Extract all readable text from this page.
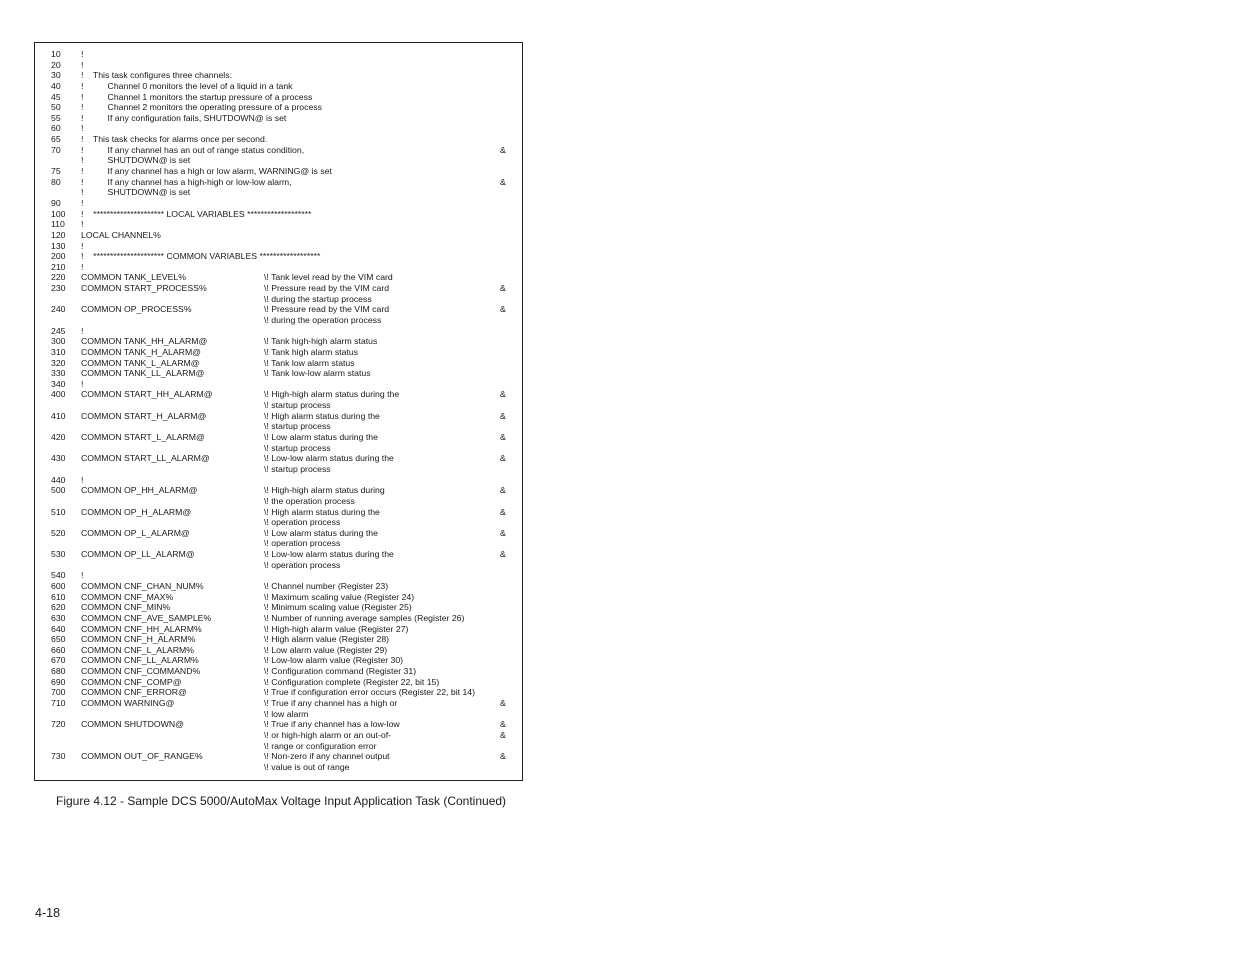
10 !
20 !
30 !    This task configures three channels:
40 !          Channel 0 monitors the level of a liquid in a tank
45 !          Channel 1 monitors the startup pressure of a process
50 !          Channel 2 monitors the operating pressure of a process
55 !          If any configuration fails, SHUTDOWN@ is set
60 !
65 !    This task checks for alarms once per second.
70 !          If any channel has an out of range status condition,	&
!          SHUTDOWN@ is set
75 !          If any channel has a high or low alarm, WARNING@ is set
80 !          If any channel has a high-high or low-low alarm,	&
!          SHUTDOWN@ is set
90 !
100 !    ********************* LOCAL VARIABLES *******************
110 !
120 LOCAL CHANNEL%
130 !
200 !    ********************* COMMON VARIABLES ******************
210 !
220 COMMON TANK_LEVEL%	\! Tank level read by the VIM card
230 COMMON START_PROCESS%	\! Pressure read by the VIM card	&
\! during the startup process
240 COMMON OP_PROCESS%	\! Pressure read by the VIM card	&
\! during the operation process
245 !
300 COMMON TANK_HH_ALARM@	\! Tank high-high alarm status
310 COMMON TANK_H_ALARM@	\! Tank high alarm status
320 COMMON TANK_L_ALARM@	\! Tank low alarm status
330 COMMON TANK_LL_ALARM@	\! Tank low-low alarm status
340 !
400 COMMON START_HH_ALARM@	\! High-high alarm status during the	&
\! startup process
410 COMMON START_H_ALARM@	\! High alarm status during the	&
\! startup process
420 COMMON START_L_ALARM@	\! Low alarm status during the	&
\! startup process
430 COMMON START_LL_ALARM@	\! Low-low alarm status during the	&
\! startup process
440 !
500 COMMON OP_HH_ALARM@	\! High-high alarm status during	&
\! the operation process
510 COMMON OP_H_ALARM@	\! High alarm status during the	&
\! operation process
520 COMMON OP_L_ALARM@	\! Low alarm status during the	&
\! operation process
530 COMMON OP_LL_ALARM@	\! Low-low alarm status during the	&
\! operation process
540 !
600 COMMON CNF_CHAN_NUM%	\! Channel number (Register 23)
610 COMMON CNF_MAX%	\! Maximum scaling value (Register 24)
620 COMMON CNF_MIN%	\! Minimum scaling value (Register 25)
630 COMMON CNF_AVE_SAMPLE%	\! Number of running average samples (Register 26)
640 COMMON CNF_HH_ALARM%	\! High-high alarm value (Register 27)
650 COMMON CNF_H_ALARM%	\! High alarm value (Register 28)
660 COMMON CNF_L_ALARM%	\! Low alarm value (Register 29)
670 COMMON CNF_LL_ALARM%	\! Low-low alarm value (Register 30)
680 COMMON CNF_COMMAND%	\! Configuration command (Register 31)
690 COMMON CNF_COMP@	\! Configuration complete (Register 22, bit 15)
700 COMMON CNF_ERROR@	\! True if configuration error occurs (Register 22, bit 14)
710 COMMON WARNING@	\! True if any channel has a high or	&
\! low alarm
720 COMMON SHUTDOWN@	\! True if any channel has a low-low	&
\! or high-high alarm or an out-of-	&
\! range or configuration error
730 COMMON OUT_OF_RANGE%	\! Non-zero if any channel output	&
\! value is out of range
Figure 4.12 - Sample DCS 5000/AutoMax Voltage Input Application Task (Continued)
4-18
